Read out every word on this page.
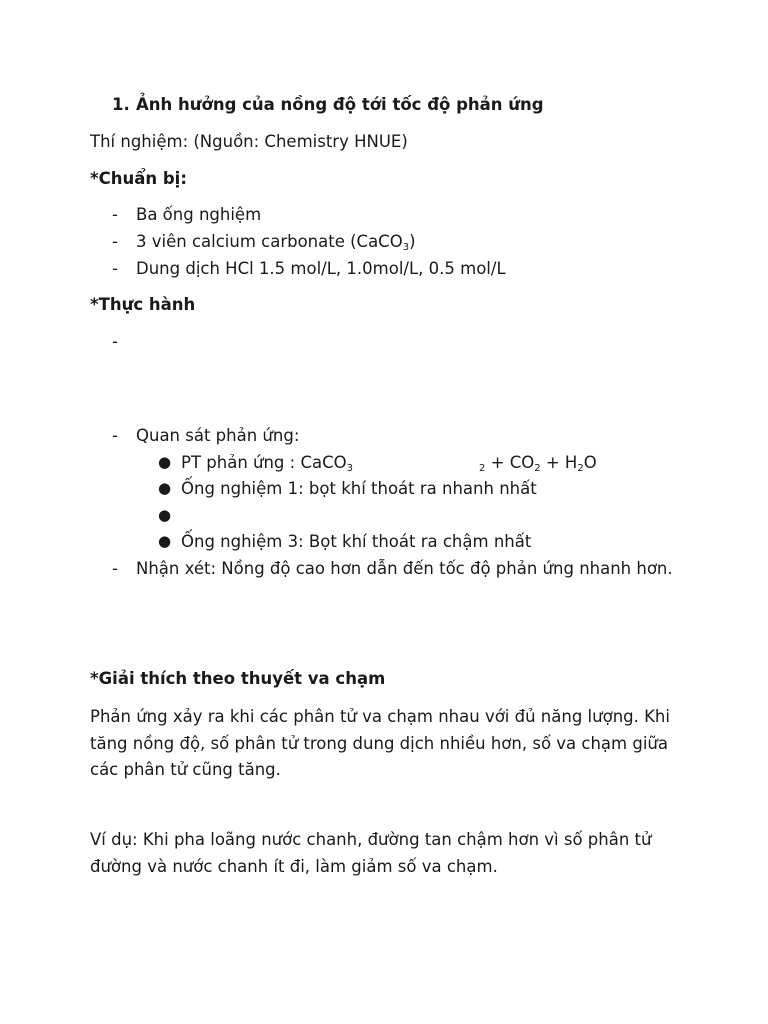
1. Ảnh hưởng của nồng độ tới tốc độ phản ứng
Thí nghiệm: (Nguồn: Chemistry HNUE)
*Chuẩn bị:
- Ba ống nghiệm
- 3 viên calcium carbonate (CaCO$_3$)
- Dung dịch HCl 1.5 mol/L, 1.0mol/L, 0.5 mol/L
*Thực hành
-
- Quan sát phản ứng:
● PT phản ứng : CaCO$_3$	$_2 + CO_2 + H_2O$
● Ống nghiệm 1: bọt khí thoát ra nhanh nhất
●
● Ống nghiệm 3: Bọt khí thoát ra chậm nhất
- Nhận xét: Nồng độ cao hơn dẫn đến tốc độ phản ứng nhanh hơn.
*Giải thích theo thuyết va chạm
Phản ứng xảy ra khi các phân tử va chạm nhau với đủ năng lượng. Khi tăng nồng độ, số phân tử trong dung dịch nhiều hơn, số va chạm giữa các phân tử cũng tăng.
Ví dụ: Khi pha loãng nước chanh, đường tan chậm hơn vì số phân tử đường và nước chanh ít đi, làm giảm số va chạm.
